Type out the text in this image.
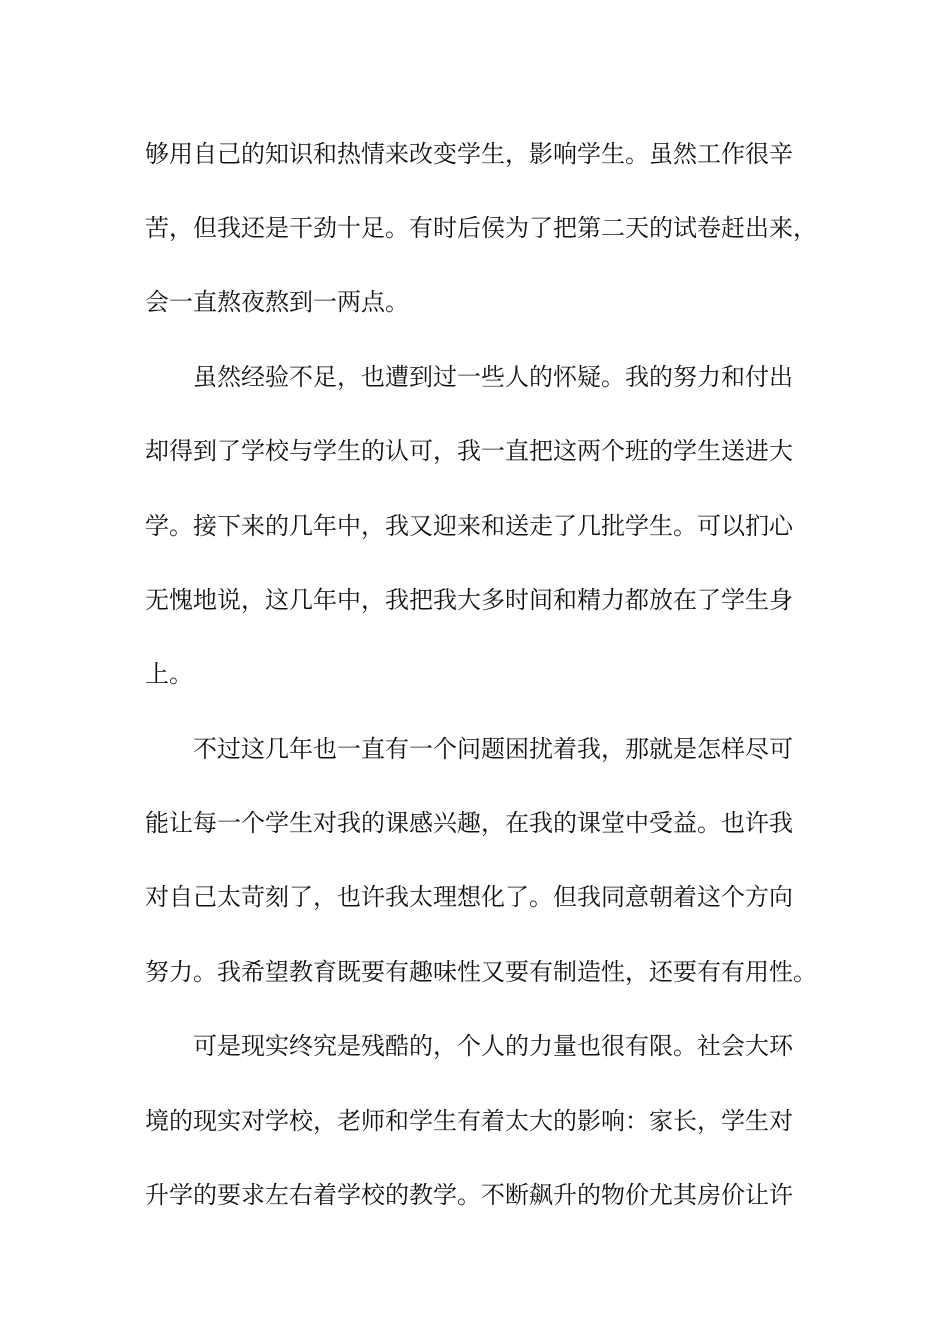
够用自己的知识和热情来改变学生，影响学生。虽然工作很辛
苦，但我还是干劲十足。有时后侯为了把第二天的试卷赶出来，
会一直熬夜熬到一两点。
虽然经验不足，也遭到过一些人的怀疑。我的努力和付出
却得到了学校与学生的认可，我一直把这两个班的学生送进大
学。接下来的几年中，我又迎来和送走了几批学生。可以扪心
无愧地说，这几年中，我把我大多时间和精力都放在了学生身
上。
不过这几年也一直有一个问题困扰着我，那就是怎样尽可
能让每一个学生对我的课感兴趣，在我的课堂中受益。也许我
对自己太苛刻了，也许我太理想化了。但我同意朝着这个方向
努力。我希望教育既要有趣味性又要有制造性，还要有有用性。
可是现实终究是残酷的，个人的力量也很有限。社会大环
境的现实对学校，老师和学生有着太大的影响：家长，学生对
升学的要求左右着学校的教学。不断飙升的物价尤其房价让许
